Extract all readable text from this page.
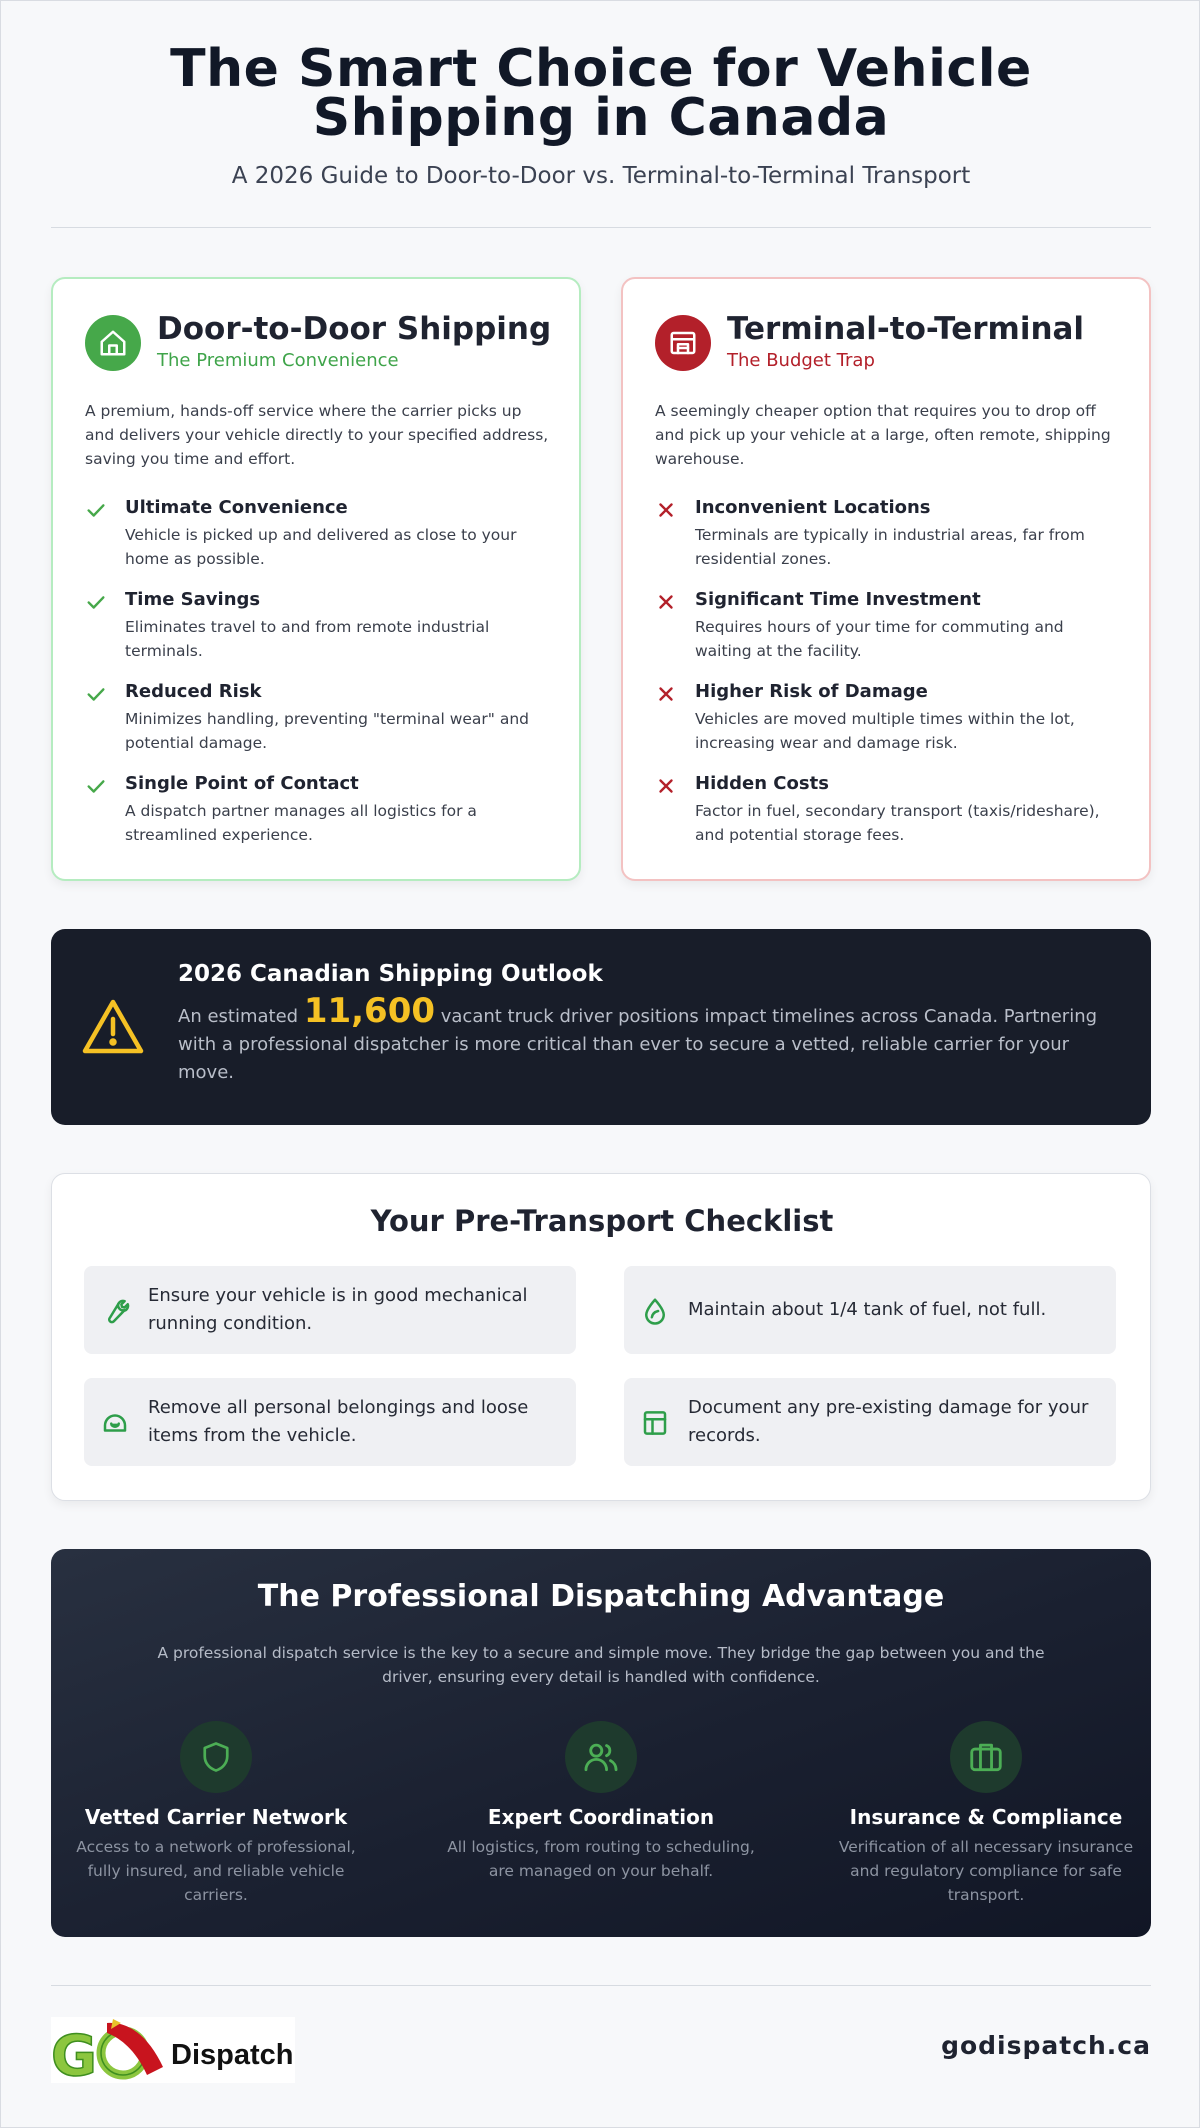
The Smart Choice for Vehicle Shipping in Canada
A 2026 Guide to Door-to-Door vs. Terminal-to-Terminal Transport
Door-to-Door Shipping
The Premium Convenience
A premium, hands-off service where the carrier picks up and delivers your vehicle directly to your specified address, saving you time and effort.
Ultimate Convenience
Vehicle is picked up and delivered as close to your home as possible.
Time Savings
Eliminates travel to and from remote industrial terminals.
Reduced Risk
Minimizes handling, preventing "terminal wear" and potential damage.
Single Point of Contact
A dispatch partner manages all logistics for a streamlined experience.
Terminal-to-Terminal
The Budget Trap
A seemingly cheaper option that requires you to drop off and pick up your vehicle at a large, often remote, shipping warehouse.
Inconvenient Locations
Terminals are typically in industrial areas, far from residential zones.
Significant Time Investment
Requires hours of your time for commuting and waiting at the facility.
Higher Risk of Damage
Vehicles are moved multiple times within the lot, increasing wear and damage risk.
Hidden Costs
Factor in fuel, secondary transport (taxis/rideshare), and potential storage fees.
2026 Canadian Shipping Outlook
An estimated 11,600 vacant truck driver positions impact timelines across Canada. Partnering with a professional dispatcher is more critical than ever to secure a vetted, reliable carrier for your move.
Your Pre-Transport Checklist
Ensure your vehicle is in good mechanical running condition.
Maintain about 1/4 tank of fuel, not full.
Remove all personal belongings and loose items from the vehicle.
Document any pre-existing damage for your records.
The Professional Dispatching Advantage
A professional dispatch service is the key to a secure and simple move. They bridge the gap between you and the driver, ensuring every detail is handled with confidence.
Vetted Carrier Network
Access to a network of professional, fully insured, and reliable vehicle carriers.
Expert Coordination
All logistics, from routing to scheduling, are managed on your behalf.
Insurance & Compliance
Verification of all necessary insurance and regulatory compliance for safe transport.
G	Dispatch	godispatch.ca
